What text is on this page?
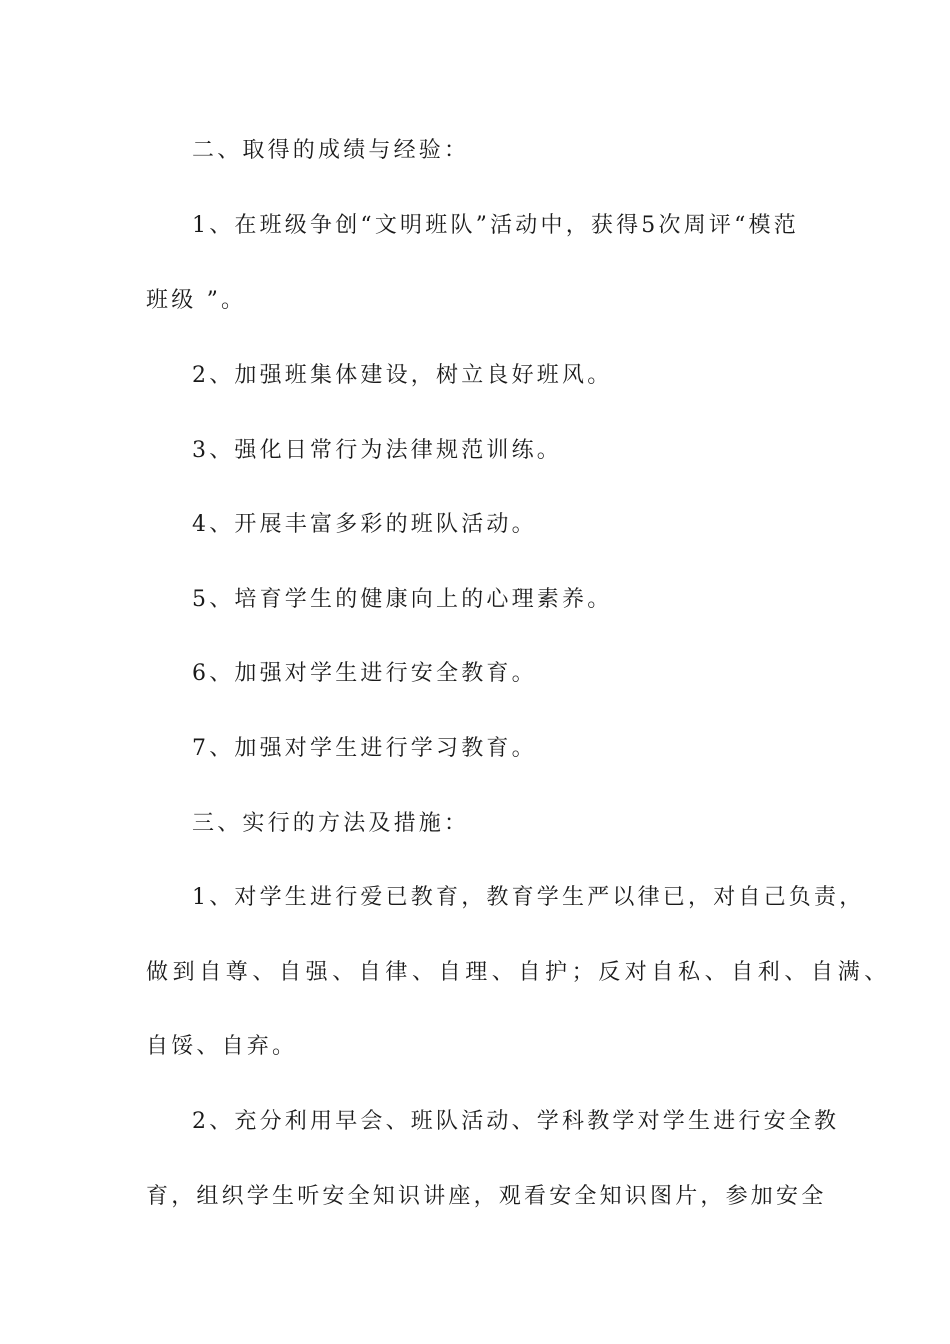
二、取得的成绩与经验：

1、在班级争创“文明班队”活动中，获得5次周评“模范

班级 ”。

2、加强班集体建设，树立良好班风。

3、强化日常行为法律规范训练。

4、开展丰富多彩的班队活动。

5、培育学生的健康向上的心理素养。

6、加强对学生进行安全教育。

7、加强对学生进行学习教育。

三、实行的方法及措施：

1、对学生进行爱已教育，教育学生严以律已，对自己负责，

做到自尊、自强、自律、自理、自护；反对自私、自利、自满、

自馁、自弃。

2、充分利用早会、班队活动、学科教学对学生进行安全教

育，组织学生听安全知识讲座，观看安全知识图片，参加安全
